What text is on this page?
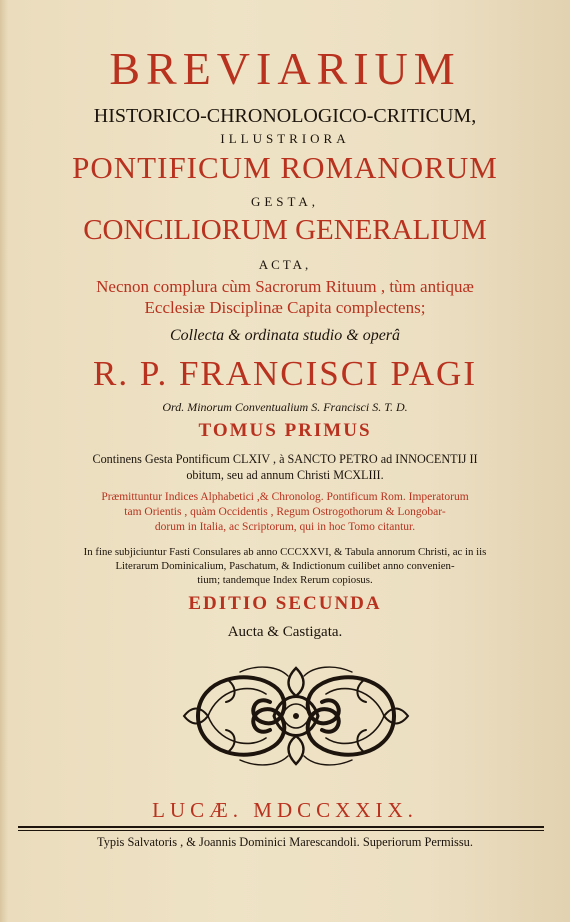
BREVIARIUM
HISTORICO-CHRONOLOGICO-CRITICUM,
ILLUSTRIORA
PONTIFICUM ROMANORUM
GESTA,
CONCILIORUM GENERALIUM
ACTA,
Necnon complura cùm Sacrorum Rituum , tùm antiquæ
Ecclesiæ Disciplinæ Capita complectens;
Collecta & ordinata studio & operâ
R. P. FRANCISCI PAGI
Ord. Minorum Conventualium S. Francisci S. T. D.
TOMUS PRIMUS
Continens Gesta Pontificum CLXIV , à SANCTO PETRO ad INNOCENTIJ II
obitum, seu ad annum Christi MCXLIII.
Præmittuntur Indices Alphabetici ,& Chronolog. Pontificum Rom. Imperatorum
tam Orientis , quàm Occidentis , Regum Ostrogothorum & Longobar-
dorum in Italia, ac Scriptorum, qui in hoc Tomo citantur.
In fine subjiciuntur Fasti Consulares ab anno CCCXXVI, & Tabula annorum Christi, ac in iis
Literarum Dominicalium, Paschatum, & Indictionum cuilibet anno convenien-
tium; tandemque Index Rerum copiosus.
EDITIO SECUNDA
Aucta & Castigata.
LUCÆ. MDCCXXIX.
Typis Salvatoris , & Joannis Dominici Marescandoli. Superiorum Permissu.
